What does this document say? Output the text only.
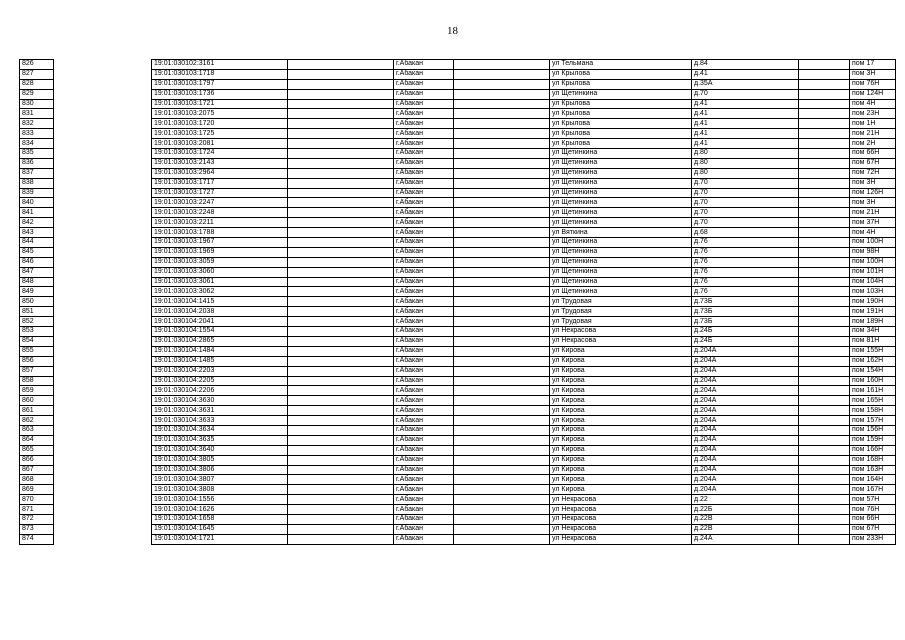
18
826		19:01:030102:3161		г.Абакан		ул Тельмана	д.84		пом 17
827		19:01:030103:1718		г.Абакан		ул Крылова	д.41		пом 3Н
828		19:01:030103:1797		г.Абакан		ул Крылова	д.35А		пом 76Н
829		19:01:030103:1736		г.Абакан		ул Щетинкина	д.70		пом 124Н
830		19:01:030103:1721		г.Абакан		ул Крылова	д.41		пом 4Н
831		19:01:030103:2075		г.Абакан		ул Крылова	д.41		пом 23Н
832		19:01:030103:1720		г.Абакан		ул Крылова	д.41		пом 1Н
833		19:01:030103:1725		г.Абакан		ул Крылова	д.41		пом 21Н
834		19:01:030103:2081		г.Абакан		ул Крылова	д.41		пом 2Н
835		19:01:030103:1724		г.Абакан		ул Щетинкина	д.80		пом 66Н
836		19:01:030103:2143		г.Абакан		ул Щетинкина	д.80		пом 67Н
837		19:01:030103:2964		г.Абакан		ул Щетинкина	д.80		пом 72Н
838		19:01:030103:1717		г.Абакан		ул Щетинкина	д.70		пом 3Н
839		19:01:030103:1727		г.Абакан		ул Щетинкина	д.70		пом 126Н
840		19:01:030103:2247		г.Абакан		ул Щетинкина	д.70		пом 3Н
841		19:01:030103:2248		г.Абакан		ул Щетинкина	д.70		пом 21Н
842		19:01:030103:2211		г.Абакан		ул Щетинкина	д.70		пом 37Н
843		19:01:030103:1788		г.Абакан		ул Вяткина	д.68		пом 4Н
844		19:01:030103:1967		г.Абакан		ул Щетинкина	д.76		пом 100Н
845		19:01:030103:1969		г.Абакан		ул Щетинкина	д.76		пом 98Н
846		19:01:030103:3059		г.Абакан		ул Щетинкина	д.76		пом 100Н
847		19:01:030103:3060		г.Абакан		ул Щетинкина	д.76		пом 101Н
848		19:01:030103:3061		г.Абакан		ул Щетинкина	д.76		пом 104Н
849		19:01:030103:3062		г.Абакан		ул Щетинкина	д.76		пом 103Н
850		19:01:030104:1415		г.Абакан		ул Трудовая	д.73Б		пом 190Н
851		19:01:030104:2038		г.Абакан		ул Трудовая	д.73Б		пом 191Н
852		19:01:030104:2041		г.Абакан		ул Трудовая	д.73Б		пом 189Н
853		19:01:030104:1554		г.Абакан		ул Некрасова	д.24Б		пом 34Н
854		19:01:030104:2865		г.Абакан		ул Некрасова	д.24Б		пом 81Н
855		19:01:030104:1484		г.Абакан		ул Кирова	д.204А		пом 155Н
856		19:01:030104:1485		г.Абакан		ул Кирова	д.204А		пом 162Н
857		19:01:030104:2203		г.Абакан		ул Кирова	д.204А		пом 154Н
858		19:01:030104:2205		г.Абакан		ул Кирова	д.204А		пом 160Н
859		19:01:030104:2206		г.Абакан		ул Кирова	д.204А		пом 161Н
860		19:01:030104:3630		г.Абакан		ул Кирова	д.204А		пом 165Н
861		19:01:030104:3631		г.Абакан		ул Кирова	д.204А		пом 158Н
862		19:01:030104:3633		г.Абакан		ул Кирова	д.204А		пом 157Н
863		19:01:030104:3634		г.Абакан		ул Кирова	д.204А		пом 156Н
864		19:01:030104:3635		г.Абакан		ул Кирова	д.204А		пом 159Н
865		19:01:030104:3640		г.Абакан		ул Кирова	д.204А		пом 166Н
866		19:01:030104:3805		г.Абакан		ул Кирова	д.204А		пом 168Н
867		19:01:030104:3806		г.Абакан		ул Кирова	д.204А		пом 163Н
868		19:01:030104:3807		г.Абакан		ул Кирова	д.204А		пом 164Н
869		19:01:030104:3808		г.Абакан		ул Кирова	д.204А		пом 167Н
870		19:01:030104:1556		г.Абакан		ул Некрасова	д.22		пом 57Н
871		19:01:030104:1626		г.Абакан		ул Некрасова	д.22Б		пом 76Н
872		19:01:030104:1658		г.Абакан		ул Некрасова	д.22В		пом 66Н
873		19:01:030104:1645		г.Абакан		ул Некрасова	д.22В		пом 67Н
874		19:01:030104:1721		г.Абакан		ул Некрасова	д.24А		пом 233Н
